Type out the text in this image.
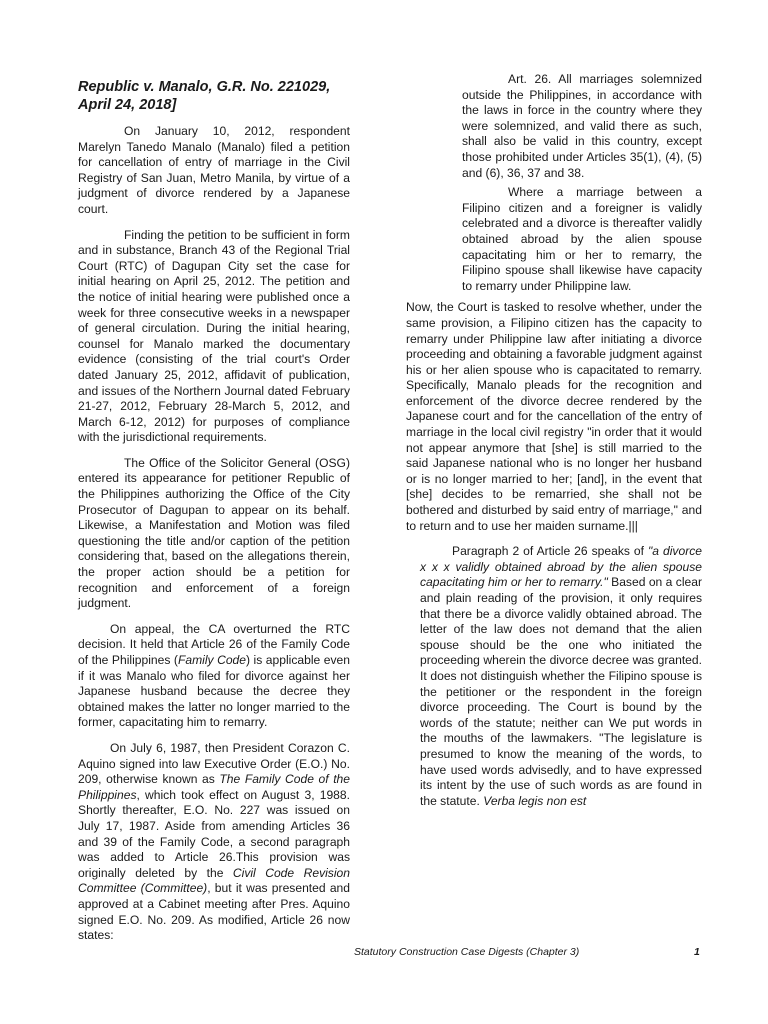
Republic v. Manalo, G.R. No. 221029, April 24, 2018]

On January 10, 2012, respondent Marelyn Tanedo Manalo (Manalo) filed a petition for cancellation of entry of marriage in the Civil Registry of San Juan, Metro Manila, by virtue of a judgment of divorce rendered by a Japanese court.

Finding the petition to be sufficient in form and in substance, Branch 43 of the Regional Trial Court (RTC) of Dagupan City set the case for initial hearing on April 25, 2012. The petition and the notice of initial hearing were published once a week for three consecutive weeks in a newspaper of general circulation. During the initial hearing, counsel for Manalo marked the documentary evidence (consisting of the trial court's Order dated January 25, 2012, affidavit of publication, and issues of the Northern Journal dated February 21-27, 2012, February 28-March 5, 2012, and March 6-12, 2012) for purposes of compliance with the jurisdictional requirements.

The Office of the Solicitor General (OSG) entered its appearance for petitioner Republic of the Philippines authorizing the Office of the City Prosecutor of Dagupan to appear on its behalf. Likewise, a Manifestation and Motion was filed questioning the title and/or caption of the petition considering that, based on the allegations therein, the proper action should be a petition for recognition and enforcement of a foreign judgment.

On appeal, the CA overturned the RTC decision. It held that Article 26 of the Family Code of the Philippines (Family Code) is applicable even if it was Manalo who filed for divorce against her Japanese husband because the decree they obtained makes the latter no longer married to the former, capacitating him to remarry.

On July 6, 1987, then President Corazon C. Aquino signed into law Executive Order (E.O.) No. 209, otherwise known as The Family Code of the Philippines, which took effect on August 3, 1988. Shortly thereafter, E.O. No. 227 was issued on July 17, 1987. Aside from amending Articles 36 and 39 of the Family Code, a second paragraph was added to Article 26.This provision was originally deleted by the Civil Code Revision Committee (Committee), but it was presented and approved at a Cabinet meeting after Pres. Aquino signed E.O. No. 209. As modified, Article 26 now states:

Art. 26. All marriages solemnized outside the Philippines, in accordance with the laws in force in the country where they were solemnized, and valid there as such, shall also be valid in this country, except those prohibited under Articles 35(1), (4), (5) and (6), 36, 37 and 38.

Where a marriage between a Filipino citizen and a foreigner is validly celebrated and a divorce is thereafter validly obtained abroad by the alien spouse capacitating him or her to remarry, the Filipino spouse shall likewise have capacity to remarry under Philippine law.

Now, the Court is tasked to resolve whether, under the same provision, a Filipino citizen has the capacity to remarry under Philippine law after initiating a divorce proceeding and obtaining a favorable judgment against his or her alien spouse who is capacitated to remarry. Specifically, Manalo pleads for the recognition and enforcement of the divorce decree rendered by the Japanese court and for the cancellation of the entry of marriage in the local civil registry "in order that it would not appear anymore that [she] is still married to the said Japanese national who is no longer her husband or is no longer married to her; [and], in the event that [she] decides to be remarried, she shall not be bothered and disturbed by said entry of marriage," and to return and to use her maiden surname.|||

Paragraph 2 of Article 26 speaks of "a divorce x x x validly obtained abroad by the alien spouse capacitating him or her to remarry." Based on a clear and plain reading of the provision, it only requires that there be a divorce validly obtained abroad. The letter of the law does not demand that the alien spouse should be the one who initiated the proceeding wherein the divorce decree was granted. It does not distinguish whether the Filipino spouse is the petitioner or the respondent in the foreign divorce proceeding. The Court is bound by the words of the statute; neither can We put words in the mouths of the lawmakers. "The legislature is presumed to know the meaning of the words, to have used words advisedly, and to have expressed its intent by the use of such words as are found in the statute. Verba legis non est

Statutory Construction Case Digests (Chapter 3)	1
